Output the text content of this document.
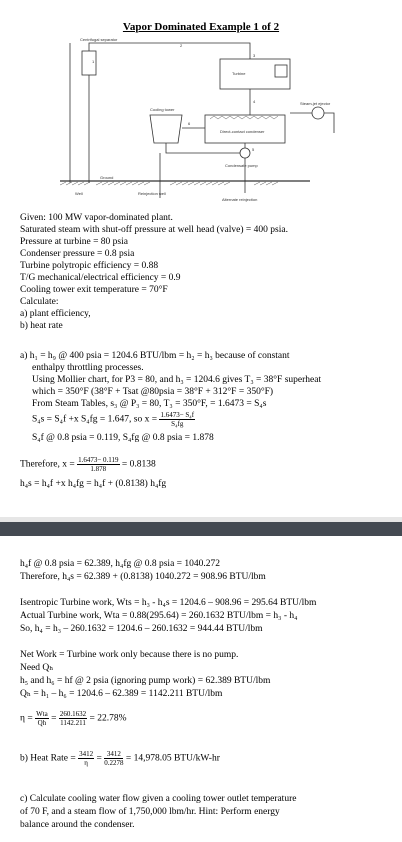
Vapor Dominated Example 1 of 2
Centrifugal separator
Turbine
Cooling tower
Direct-contact condenser
Condensate pump
Steam-jet ejector
Ground
Well	Reinjection well
Alternate reinjection
1
2
3
4
5
6
Given: 100 MW vapor-dominated plant.
Saturated steam with shut-off pressure at well head (valve) = 400 psia.
Pressure at turbine = 80 psia
Condenser pressure = 0.8 psia
Turbine polytropic efficiency = 0.88
T/G mechanical/electrical efficiency = 0.9
Cooling tower exit temperature = 70°F
Calculate:
a) plant efficiency,
b) heat rate
a) h₁ = h₉ @ 400 psia = 1204.6 BTU/lbm = h₂ = h₃ because of constant
enthalpy throttling processes.
Using Mollier chart, for P3 = 80, and h₃ = 1204.6 gives T₃ = 38°F superheat
which = 350°F (38°F + Tsat @80psia = 38°F + 312°F = 350°F)
From Steam Tables, s₃ @ P₃ = 80, T₃ = 350°F, = 1.6473 = S₄s
S₄s = S₄f +x S₄fg = 1.647, so $x = \frac{\text{1.6473− S₄f}}{\text{S₄fg}}$
S₄f @ 0.8 psia = 0.119, S₄fg @ 0.8 psia = 1.878
Therefore, $x = \frac{1.6473- 0.119}{1.878} = 0.8138$
h₄s = h₄f +x h₄fg = h₄f + (0.8138) h₄fg
h₄f @ 0.8 psia = 62.389, h₄fg @ 0.8 psia = 1040.272
Therefore, h₄s = 62.389 + (0.8138) 1040.272 = 908.96 BTU/lbm
Isentropic Turbine work, Wts = h₃ - h₄s = 1204.6 – 908.96 = 295.64 BTU/lbm
Actual Turbine work, Wta = 0.88(295.64) = 260.1632 BTU/lbm = h₃ - h₄
So, h₄ = h₃ – 260.1632 = 1204.6 – 260.1632 = 944.44 BTU/lbm
Net Work = Turbine work only because there is no pump.
Need Qₕ
h₅ and h₆ = hf @ 2 psia (ignoring pump work) = 62.389 BTU/lbm
Qₕ = h₁ – h₆ = 1204.6 – 62.389 = 1142.211 BTU/lbm
$\eta = \frac{\text{Wta}}{Qh} = \frac{260.1632}{1142.211} = 22.78\%$
b) Heat Rate = $\frac{3412}{\eta} = \frac{3412}{0.2278} = 14,978.05$ BTU/kW-hr
c) Calculate cooling water flow given a cooling tower outlet temperature
of 70 F, and a steam flow of 1,750,000 lbm/hr. Hint: Perform energy
balance around the condenser.
